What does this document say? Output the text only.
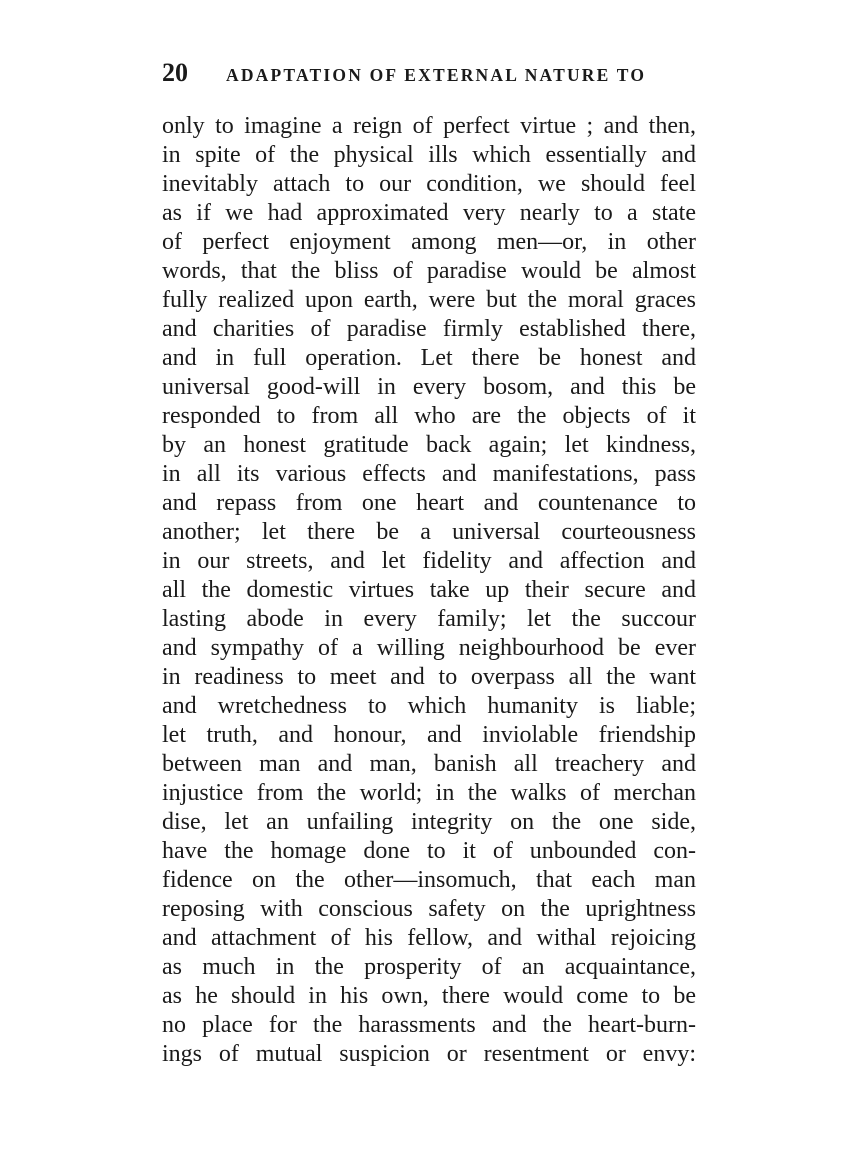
20 ADAPTATION OF EXTERNAL NATURE TO
only to imagine a reign of perfect virtue ; and then,
in spite of the physical ills which essentially and
inevitably attach to our condition, we should feel
as if we had approximated very nearly to a state
of perfect enjoyment among men—or, in other
words, that the bliss of paradise would be almost
fully realized upon earth, were but the moral graces
and charities of paradise firmly established there,
and in full operation. Let there be honest and
universal good-will in every bosom, and this be
responded to from all who are the objects of it
by an honest gratitude back again; let kindness,
in all its various effects and manifestations, pass
and repass from one heart and countenance to
another; let there be a universal courteousness
in our streets, and let fidelity and affection and
all the domestic virtues take up their secure and
lasting abode in every family; let the succour
and sympathy of a willing neighbourhood be ever
in readiness to meet and to overpass all the want
and wretchedness to which humanity is liable;
let truth, and honour, and inviolable friendship
between man and man, banish all treachery and
injustice from the world; in the walks of merchan
dise, let an unfailing integrity on the one side,
have the homage done to it of unbounded con-
fidence on the other—insomuch, that each man
reposing with conscious safety on the uprightness
and attachment of his fellow, and withal rejoicing
as much in the prosperity of an acquaintance,
as he should in his own, there would come to be
no place for the harassments and the heart-burn-
ings of mutual suspicion or resentment or envy:
